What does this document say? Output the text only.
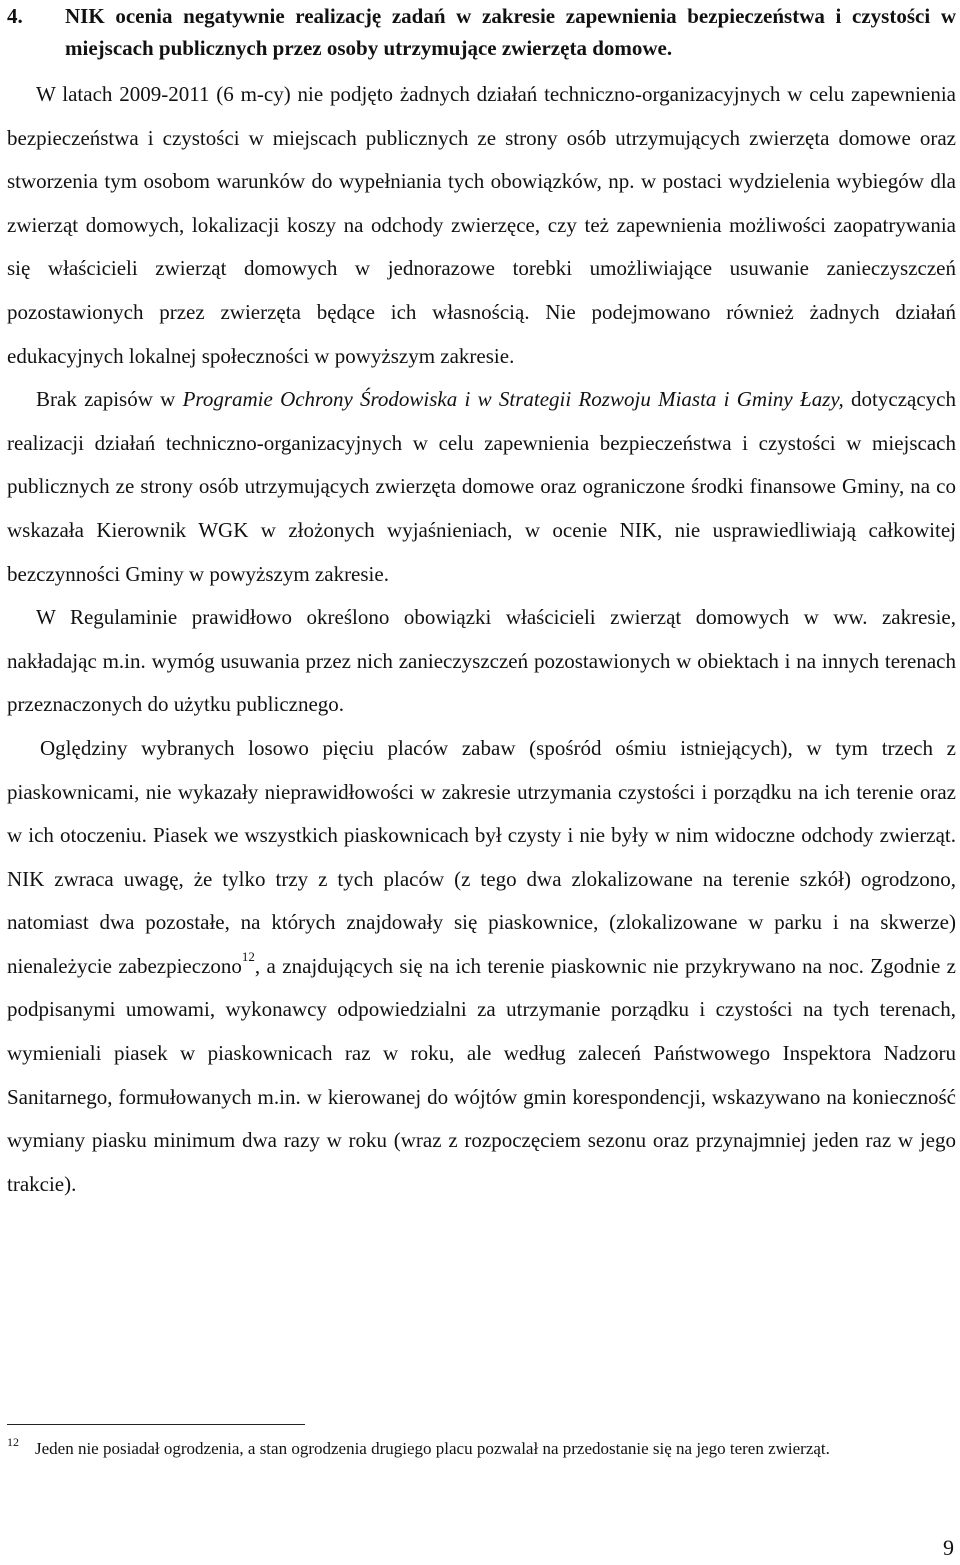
4. NIK ocenia negatywnie realizację zadań w zakresie zapewnienia bezpieczeństwa i czystości w miejscach publicznych przez osoby utrzymujące zwierzęta domowe.

W latach 2009-2011 (6 m-cy) nie podjęto żadnych działań techniczno-organizacyjnych w celu zapewnienia bezpieczeństwa i czystości w miejscach publicznych ze strony osób utrzymujących zwierzęta domowe oraz stworzenia tym osobom warunków do wypełniania tych obowiązków, np. w postaci wydzielenia wybiegów dla zwierząt domowych, lokalizacji koszy na odchody zwierzęce, czy też zapewnienia możliwości zaopatrywania się właścicieli zwierząt domowych w jednorazowe torebki umożliwiające usuwanie zanieczyszczeń pozostawionych przez zwierzęta będące ich własnością. Nie podejmowano również żadnych działań edukacyjnych lokalnej społeczności w powyższym zakresie.

Brak zapisów w Programie Ochrony Środowiska i w Strategii Rozwoju Miasta i Gminy Łazy, dotyczących realizacji działań techniczno-organizacyjnych w celu zapewnienia bezpieczeństwa i czystości w miejscach publicznych ze strony osób utrzymujących zwierzęta domowe oraz ograniczone środki finansowe Gminy, na co wskazała Kierownik WGK w złożonych wyjaśnieniach, w ocenie NIK, nie usprawiedliwiają całkowitej bezczynności Gminy w powyższym zakresie.

W Regulaminie prawidłowo określono obowiązki właścicieli zwierząt domowych w ww. zakresie, nakładając m.in. wymóg usuwania przez nich zanieczyszczeń pozostawionych w obiektach i na innych terenach przeznaczonych do użytku publicznego.

Oględziny wybranych losowo pięciu placów zabaw (spośród ośmiu istniejących), w tym trzech z piaskownicami, nie wykazały nieprawidłowości w zakresie utrzymania czystości i porządku na ich terenie oraz w ich otoczeniu. Piasek we wszystkich piaskownicach był czysty i nie były w nim widoczne odchody zwierząt. NIK zwraca uwagę, że tylko trzy z tych placów (z tego dwa zlokalizowane na terenie szkół) ogrodzono, natomiast dwa pozostałe, na których znajdowały się piaskownice, (zlokalizowane w parku i na skwerze) nienależycie zabezpieczono$^{12}$, a znajdujących się na ich terenie piaskownic nie przykrywano na noc. Zgodnie z podpisanymi umowami, wykonawcy odpowiedzialni za utrzymanie porządku i czystości na tych terenach, wymieniali piasek w piaskownicach raz w roku, ale według zaleceń Państwowego Inspektora Nadzoru Sanitarnego, formułowanych m.in. w kierowanej do wójtów gmin korespondencji, wskazywano na konieczność wymiany piasku minimum dwa razy w roku (wraz z rozpoczęciem sezonu oraz przynajmniej jeden raz w jego trakcie).

$^{12}$ Jeden nie posiadał ogrodzenia, a stan ogrodzenia drugiego placu pozwalał na przedostanie się na jego teren zwierząt.
9
